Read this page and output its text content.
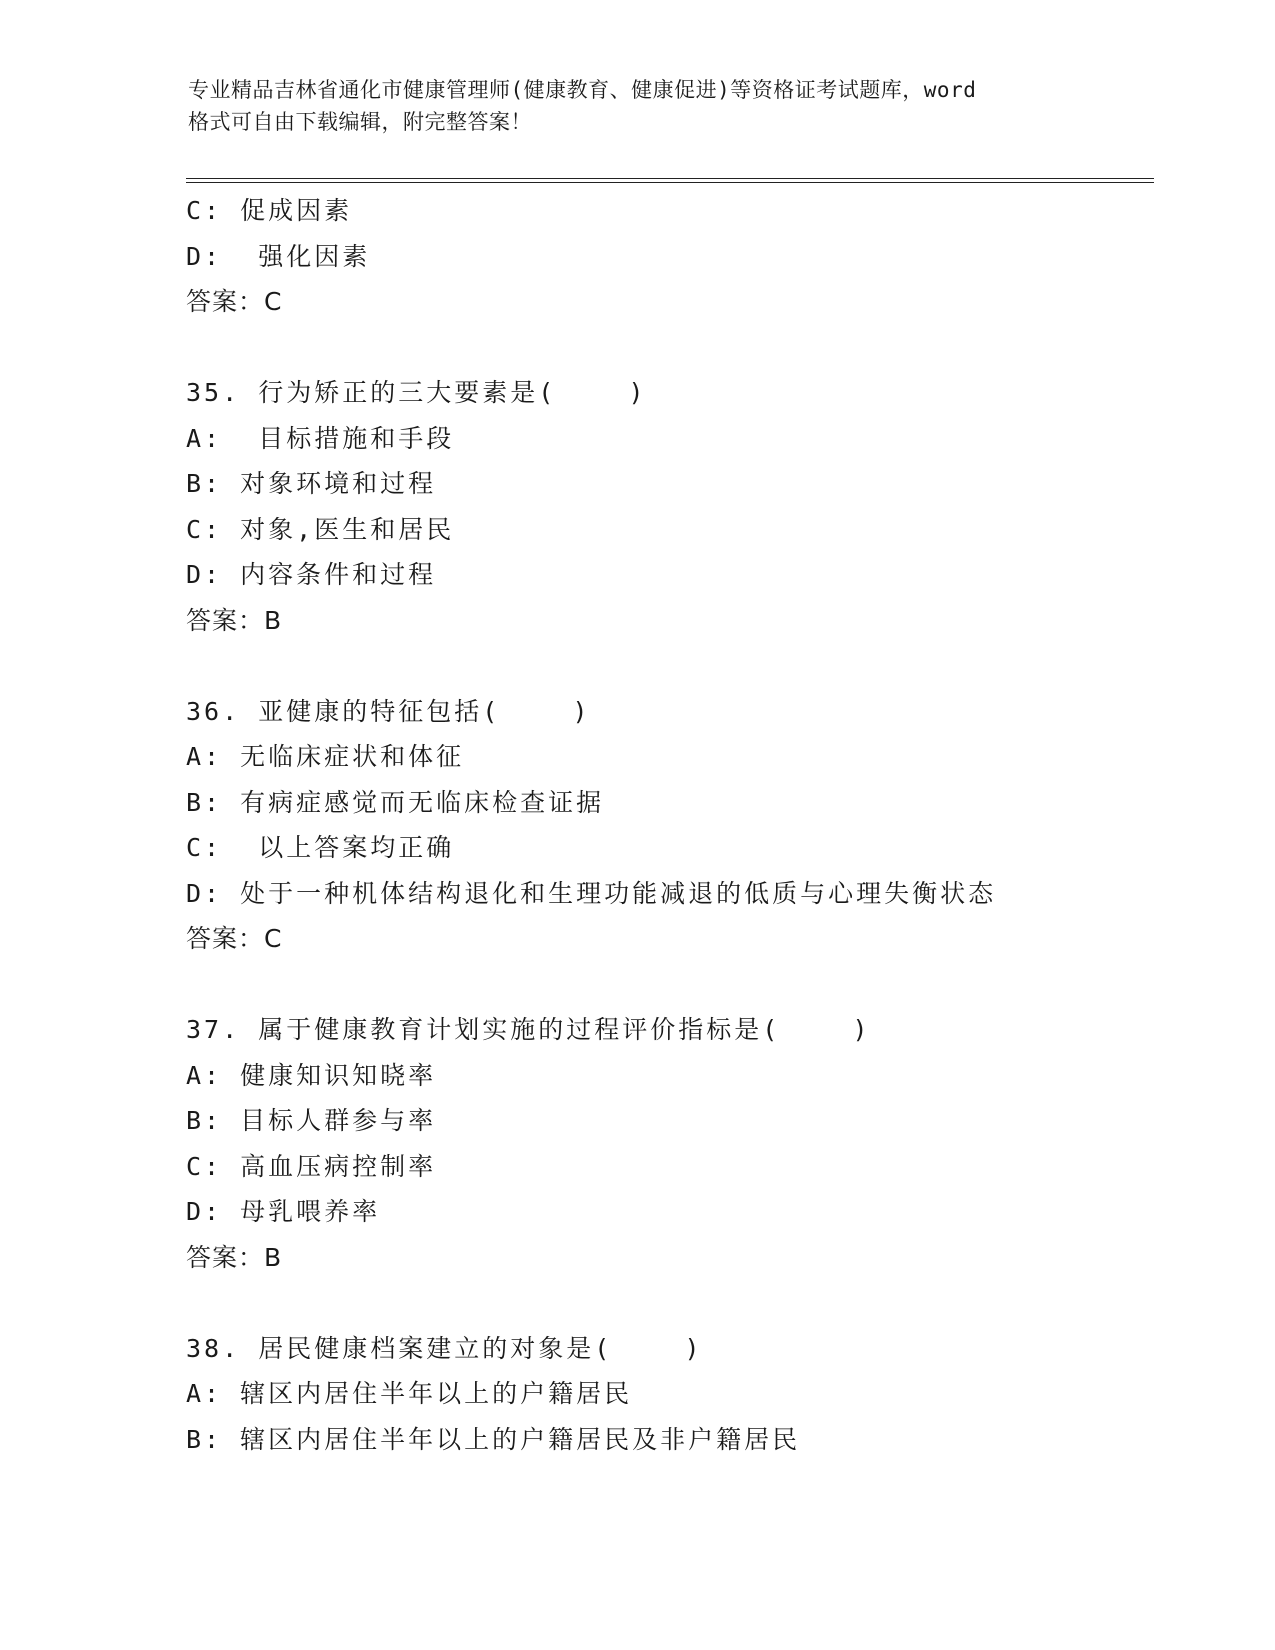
专业精品吉林省通化市健康管理师(健康教育、健康促进)等资格证考试题库，word
格式可自由下载编辑，附完整答案！
C: 促成因素
D:  强化因素
答案：C
35. 行为矫正的三大要素是(    )
A:  目标措施和手段
B: 对象环境和过程
C: 对象,医生和居民
D: 内容条件和过程
答案：B
36. 亚健康的特征包括(    )
A: 无临床症状和体征
B: 有病症感觉而无临床检查证据
C:  以上答案均正确
D: 处于一种机体结构退化和生理功能减退的低质与心理失衡状态
答案：C
37. 属于健康教育计划实施的过程评价指标是(    )
A: 健康知识知晓率
B: 目标人群参与率
C: 高血压病控制率
D: 母乳喂养率
答案：B
38. 居民健康档案建立的对象是(    )
A: 辖区内居住半年以上的户籍居民
B: 辖区内居住半年以上的户籍居民及非户籍居民
